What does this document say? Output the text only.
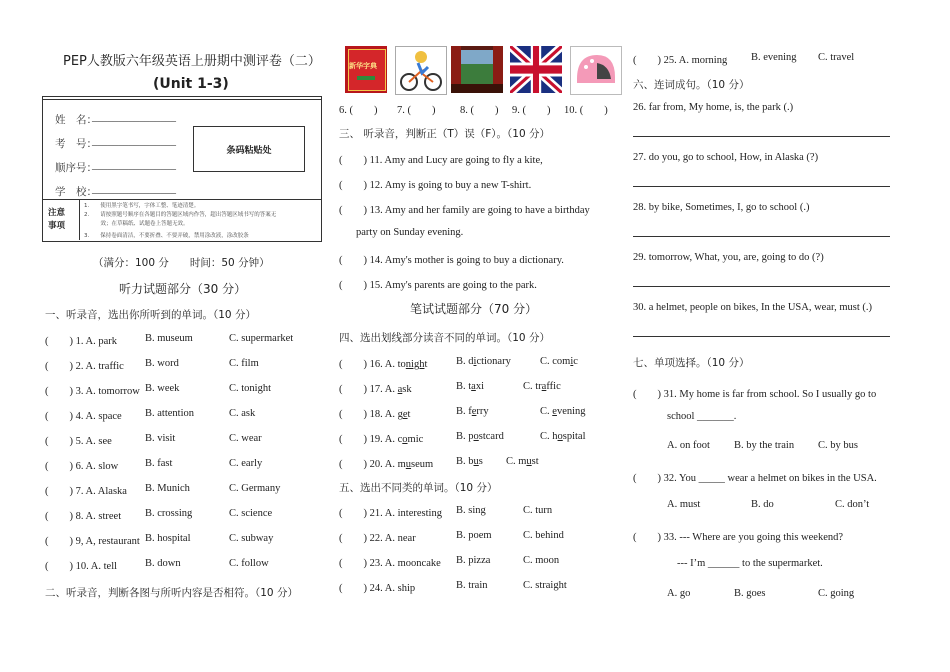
PEP人教版六年级英语上册期中测评卷（二）
(Unit 1-3)
姓　名：
________________
考　号：
________________
顺序号：
________________
学　校：
________________
条码粘贴处
注意
事项
1.　　使用黑字笔书写，字体工整、笔迹清楚。
2.　　请按照题号顺序在各题目的答题区域内作答，超出答题区域书写的答案无
　　　效；在草稿纸、试题卷上答题无效。
3.　　保持卷面清洁，不要折叠、不要弄破，禁用涂改液，涂改胶条
（满分：100 分　　时间：50 分钟）
听力试题部分（30 分）
一、听录音，选出你所听到的单词。（10 分）
(　　) 1. A. park	B. museum	C. supermarket
(　　) 2. A. traffic B. word	C. film
(　　) 3. A. tomorrow B. week	C. tonight
(　　) 4. A. space B. attention	C. ask
(　　) 5. A. see	B. visit	C. wear
(　　) 6. A. slow	B. fast	C. early
(　　) 7. A. Alaska B. Munich	C. Germany
(　　) 8. A. street B. crossing	C. science
(　　) 9, A, restaurant B. hospital	C. subway
(　　) 10. A. tell	B. down	C. follow
二、听录音，判断各图与所听内容是否相符。（10 分）
新华字典
6. (　　) 7. (　　) 8. (　　) 9. (　　) 10. (　　)
三、 听录音，判断正（T）误（F）。（10 分）
(　　) 11. Amy and Lucy are going to fly a kite,
(　　) 12. Amy is going to buy a new T-shirt.
(　　) 13. Amy and her family are going to have a birthday
party on Sunday evening.
(　　) 14. Amy's mother is going to buy a dictionary.
(　　) 15. Amy's parents are going to the park.
笔试试题部分（70 分）
四、选出划线部分读音不同的单词。（10 分）
(　　) 16. A. tonight	B. dictionary	C. comic
(　　) 17. A. ask	B. taxi	C. traffic
(　　) 18. A. get	B. ferry	C. evening
(　　) 19. A. comic	B. postcard	C. hospital
(　　) 20. A. museum B. bus C. must
五、选出不同类的单词。（10 分）
(　　) 21. A. interesting B. sing	C. turn
(　　) 22. A. near	B. poem	C. behind
(　　) 23. A. mooncake B. pizza	C. moon
(　　) 24. A. ship	B. train	C. straight
(　　) 25. A. morning B. evening C. travel
六、连词成句。（10 分）
26. far from, My home, is, the park (.)
27. do you, go to school, How, in Alaska (?)
28. by bike, Sometimes, I, go to school (.)
29. tomorrow, What, you, are, going to do (?)
30. a helmet, people on bikes, In the USA, wear, must (.)
七、单项选择。（10 分）
(　　) 31. My home is far from school. So I usually go to
school _______.
A. on foot B. by the train C. by bus
(　　) 32. You _____ wear a helmet on bikes in the USA.
A. must	B. do	C. don’t
(　　) 33. --- Where are you going this weekend?
--- I’m ______ to the supermarket.
A. go	B. goes	C. going
